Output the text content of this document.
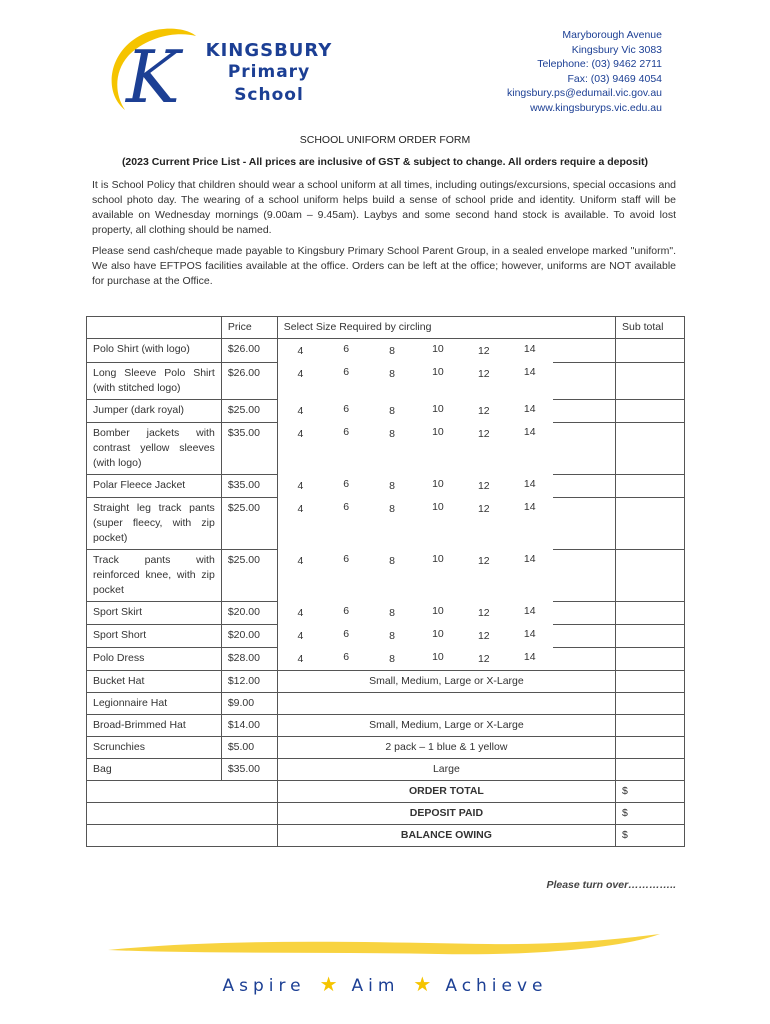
K KINGSBURY
Primary
School
Maryborough Avenue
Kingsbury Vic 3083
Telephone: (03) 9462 2711
Fax: (03) 9469 4054
kingsbury.ps@edumail.vic.gov.au
www.kingsburyps.vic.edu.au
SCHOOL UNIFORM ORDER FORM
(2023 Current Price List - All prices are inclusive of GST & subject to change. All orders require a deposit)
It is School Policy that children should wear a school uniform at all times, including outings/excursions, special occasions and school photo day. The wearing of a school uniform helps build a sense of school pride and identity. Uniform staff will be available on Wednesday mornings (9.00am – 9.45am). Laybys and some second hand stock is available. To avoid lost property, all clothing should be named.
Please send cash/cheque made payable to Kingsbury Primary School Parent Group, in a sealed envelope marked "uniform". We also have EFTPOS facilities available at the office. Orders can be left at the office; however, uniforms are NOT available for purchase at the Office.
	Price	Select Size Required by circling							Sub total
Polo Shirt (with logo)	$26.00	4	6	8	10	12	14		
Long Sleeve Polo Shirt (with stitched logo)	$26.00	4	6	8	10	12	14		
Jumper (dark royal)	$25.00	4	6	8	10	12	14		
Bomber jackets with contrast yellow sleeves (with logo)	$35.00	4	6	8	10	12	14		
Polar Fleece Jacket	$35.00	4	6	8	10	12	14		
Straight leg track pants (super fleecy, with zip pocket)	$25.00	4	6	8	10	12	14		
Track pants with reinforced knee, with zip pocket	$25.00	4	6	8	10	12	14		
Sport Skirt	$20.00	4	6	8	10	12	14		
Sport Short	$20.00	4	6	8	10	12	14		
Polo Dress	$28.00	4	6	8	10	12	14		
Bucket Hat	$12.00	Small, Medium, Large or X-Large							
Legionnaire Hat	$9.00								
Broad-Brimmed Hat	$14.00	Small, Medium, Large or X-Large							
Scrunchies	$5.00	2 pack – 1 blue & 1 yellow							
Bag	$35.00	Large							
		ORDER TOTAL							$
		DEPOSIT PAID							$
		BALANCE OWING							$
Please turn over…………..
Aspire ★ Aim ★ Achieve
